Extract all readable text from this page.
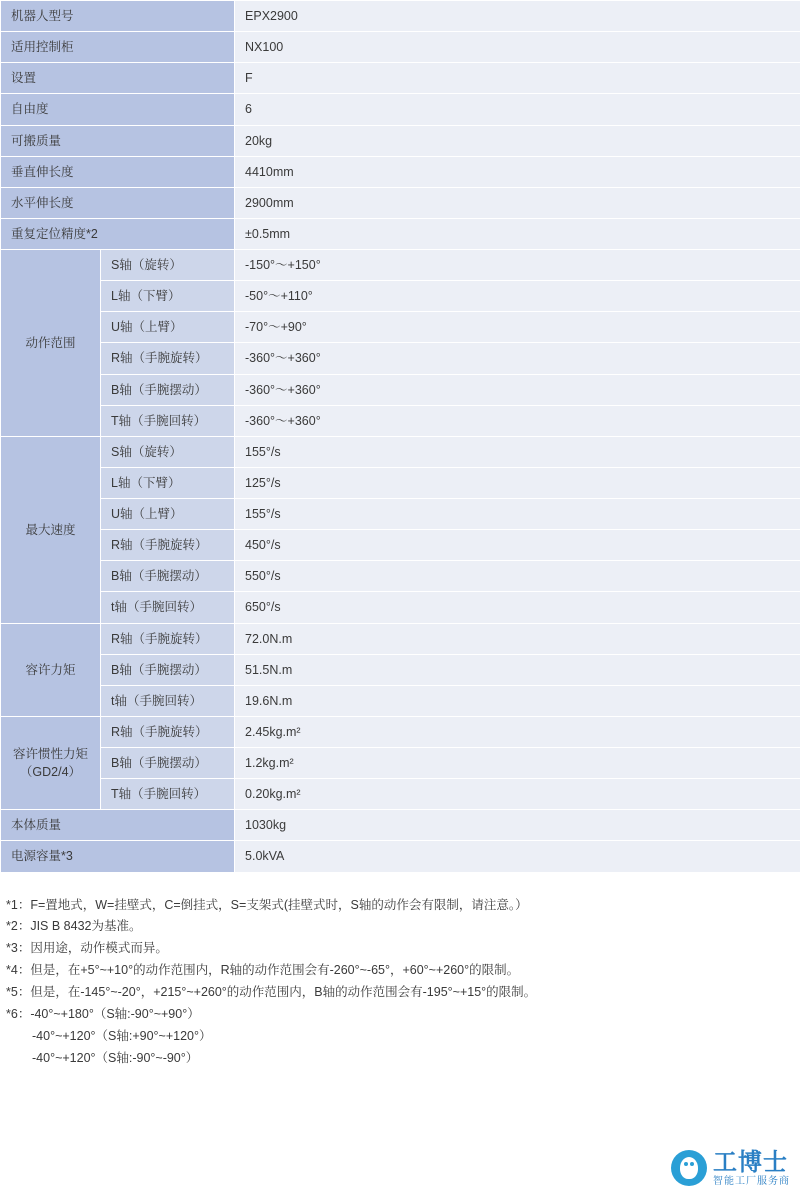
机器人型号		EPX2900
适用控制柜		NX100
设置		F
自由度		6
可搬质量		20kg
垂直伸长度		4410mm
水平伸长度		2900mm
重复定位精度*2		±0.5mm
动作范围	S轴（旋转）	-150°～+150°
	L轴（下臂）	-50°～+110°
	U轴（上臂）	-70°～+90°
	R轴（手腕旋转）	-360°～+360°
	B轴（手腕摆动）	-360°～+360°
	T轴（手腕回转）	-360°～+360°
最大速度	S轴（旋转）	155°/s
	L轴（下臂）	125°/s
	U轴（上臂）	155°/s
	R轴（手腕旋转）	450°/s
	B轴（手腕摆动）	550°/s
	t轴（手腕回转）	650°/s
容许力矩	R轴（手腕旋转）	72.0N.m
	B轴（手腕摆动）	51.5N.m
	t轴（手腕回转）	19.6N.m
容许惯性力矩（GD2/4）	R轴（手腕旋转）	2.45kg.m²
	B轴（手腕摆动）	1.2kg.m²
	T轴（手腕回转）	0.20kg.m²
本体质量		1030kg
电源容量*3		5.0kVA
*1：F=置地式，W=挂壁式，C=倒挂式，S=支架式(挂壁式时，S轴的动作会有限制，请注意。）
*2：JIS B 8432为基准。
*3：因用途，动作模式而异。
*4：但是，在+5°~+10°的动作范围内，R轴的动作范围会有-260°~-65°，+60°~+260°的限制。
*5：但是，在-145°~-20°，+215°~+260°的动作范围内，B轴的动作范围会有-195°~+15°的限制。
*6：-40°~+180°（S轴:-90°~+90°）
-40°~+120°（S轴:+90°~+120°）
-40°~+120°（S轴:-90°~-90°）
工博士
智能工厂服务商
